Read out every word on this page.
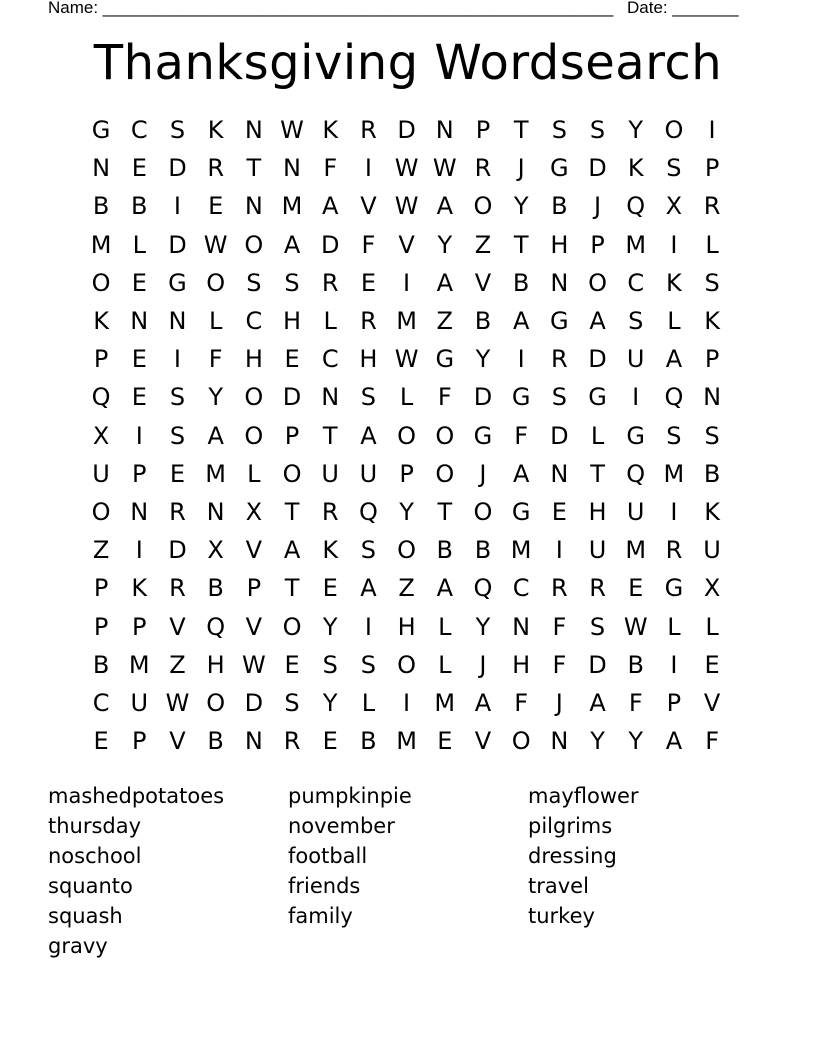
Name: ______________________________________________________ Date: _______
Thanksgiving Wordsearch
G C S K N W K R D N P T S S Y O	I
N E D R T N F	I W W R	J	G D K S P
B B	I	E N M A V W A O Y B	J	Q X R
M L D W O A D F V Y Z T H P M	I	L
O E G O S S R E	I	A V B N O C K S
K N N L C H L R M Z B A G A S L K
P E	I	F H E C H W G Y	I	R D U A P
Q E S Y O D N S L	F D G S G	I	Q N
X	I	S A O P T A O O G F D L G S S
U P E M L O U U P O	J	A N T Q M B
O N R N X T R Q Y T O G E H U	I	K
Z	I	D X V A K S O B B M	I	U M R U
P K R B P T E A Z A Q C R R E G X
P P V Q V O Y	I	H L	Y N F S W L	L
B M Z H W E S S O L	J	H F D B	I	E
C U W O D S Y	L	I	M A F	J	A F	P V
E P V B N R E B M E V O N Y Y A F
mashedpotatoes	pumpkinpie	mayflower
thursday	november	pilgrims
noschool	football	dressing
squanto	friends	travel
squash	family	turkey
gravy
